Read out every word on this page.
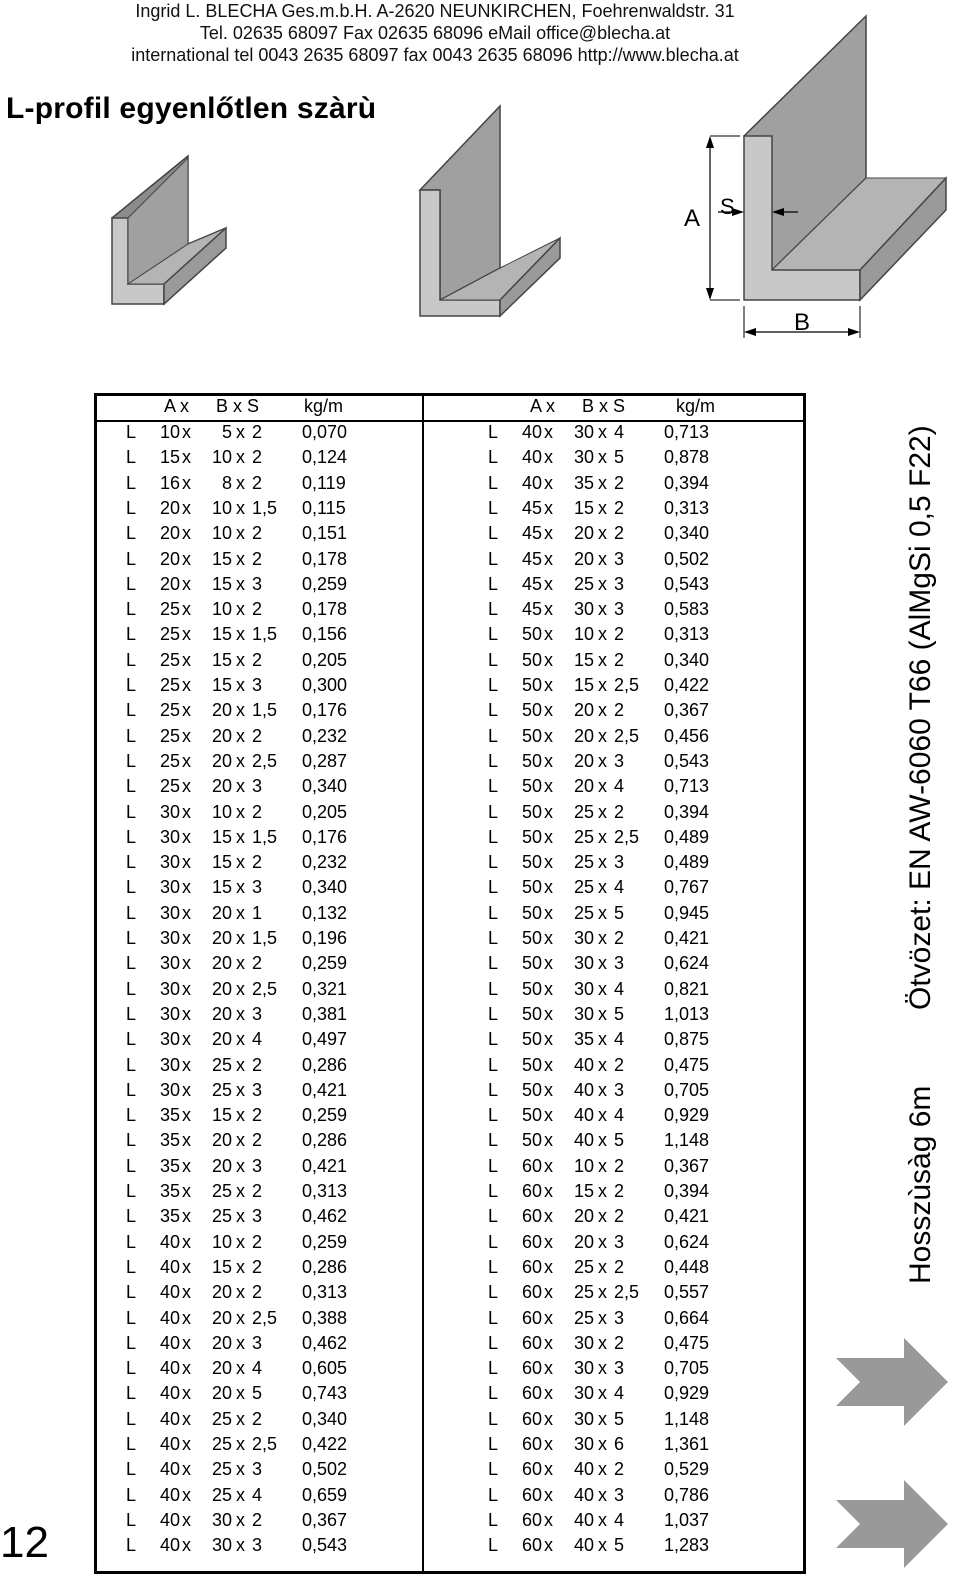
Ingrid L. BLECHA Ges.m.b.H. A-2620 NEUNKIRCHEN, Foehrenwaldstr. 31
Tel. 02635 68097 Fax 02635 68096 eMail office@blecha.at
international tel 0043 2635 68097 fax 0043 2635 68096 http://www.blecha.at
L-profil egyenlőtlen szàrù
A S
B
A x B x S kg/m	A x B x S	kg/m
L	10 x	5 x 2 0,070
L	15 x	10 x 2 0,124
L	16 x	8 x 2 0,119
L	20 x	10 x 1,5 0,115
L	20 x	10 x 2 0,151
L	20 x	15 x 2 0,178
L	20 x	15 x 3 0,259
L	25 x	10 x 2 0,178
L	25 x	15 x 1,5 0,156
L	25 x	15 x 2 0,205
L	25 x	15 x 3 0,300
L	25 x	20 x 1,5 0,176
L	25 x	20 x 2 0,232
L	25 x	20 x 2,5 0,287
L	25 x	20 x 3 0,340
L	30 x	10 x 2 0,205
L	30 x	15 x 1,5 0,176
L	30 x	15 x 2 0,232
L	30 x	15 x 3 0,340
L	30 x	20 x 1 0,132
L	30 x	20 x 1,5 0,196
L	30 x	20 x 2 0,259
L	30 x	20 x 2,5 0,321
L	30 x	20 x 3 0,381
L	30 x	20 x 4 0,497
L	30 x	25 x 2 0,286
L	30 x	25 x 3 0,421
L	35 x	15 x 2 0,259
L	35 x	20 x 2 0,286
L	35 x	20 x 3 0,421
L	35 x	25 x 2 0,313
L	35 x	25 x 3 0,462
L	40 x	10 x 2 0,259
L	40 x	15 x 2 0,286
L	40 x	20 x 2 0,313
L	40 x	20 x 2,5 0,388
L	40 x	20 x 3 0,462
L	40 x	20 x 4 0,605
L	40 x	20 x 5 0,743
L	40 x	25 x 2 0,340
L	40 x	25 x 2,5 0,422
L	40 x	25 x 3 0,502
L	40 x	25 x 4 0,659
L	40 x	30 x 2 0,367
L	40 x	30 x 3 0,543
L	40 x	30 x 4 0,713
L	40 x	30 x 5 0,878
L	40 x	35 x 2 0,394
L	45 x	15 x 2 0,313
L	45 x	20 x 2 0,340
L	45 x	20 x 3 0,502
L	45 x	25 x 3 0,543
L	45 x	30 x 3 0,583
L	50 x	10 x 2 0,313
L	50 x	15 x 2 0,340
L	50 x	15 x 2,5 0,422
L	50 x	20 x 2 0,367
L	50 x	20 x 2,5 0,456
L	50 x	20 x 3 0,543
L	50 x	20 x 4 0,713
L	50 x	25 x 2 0,394
L	50 x	25 x 2,5 0,489
L	50 x	25 x 3 0,489
L	50 x	25 x 4 0,767
L	50 x	25 x 5 0,945
L	50 x	30 x 2 0,421
L	50 x	30 x 3 0,624
L	50 x	30 x 4 0,821
L	50 x	30 x 5 1,013
L	50 x	35 x 4 0,875
L	50 x	40 x 2 0,475
L	50 x	40 x 3 0,705
L	50 x	40 x 4 0,929
L	50 x	40 x 5 1,148
L	60 x	10 x 2 0,367
L	60 x	15 x 2 0,394
L	60 x	20 x 2 0,421
L	60 x	20 x 3 0,624
L	60 x	25 x 2 0,448
L	60 x	25 x 2,5 0,557
L	60 x	25 x 3 0,664
L	60 x	30 x 2 0,475
L	60 x	30 x 3 0,705
L	60 x	30 x 4 0,929
L	60 x	30 x 5 1,148
L	60 x	30 x 6 1,361
L	60 x	40 x 2 0,529
L	60 x	40 x 3 0,786
L	60 x	40 x 4 1,037
L	60 x	40 x 5 1,283
Ötvözet: EN AW-6060 T66 (AlMgSi 0,5 F22)
Hosszùsàg 6m
12
